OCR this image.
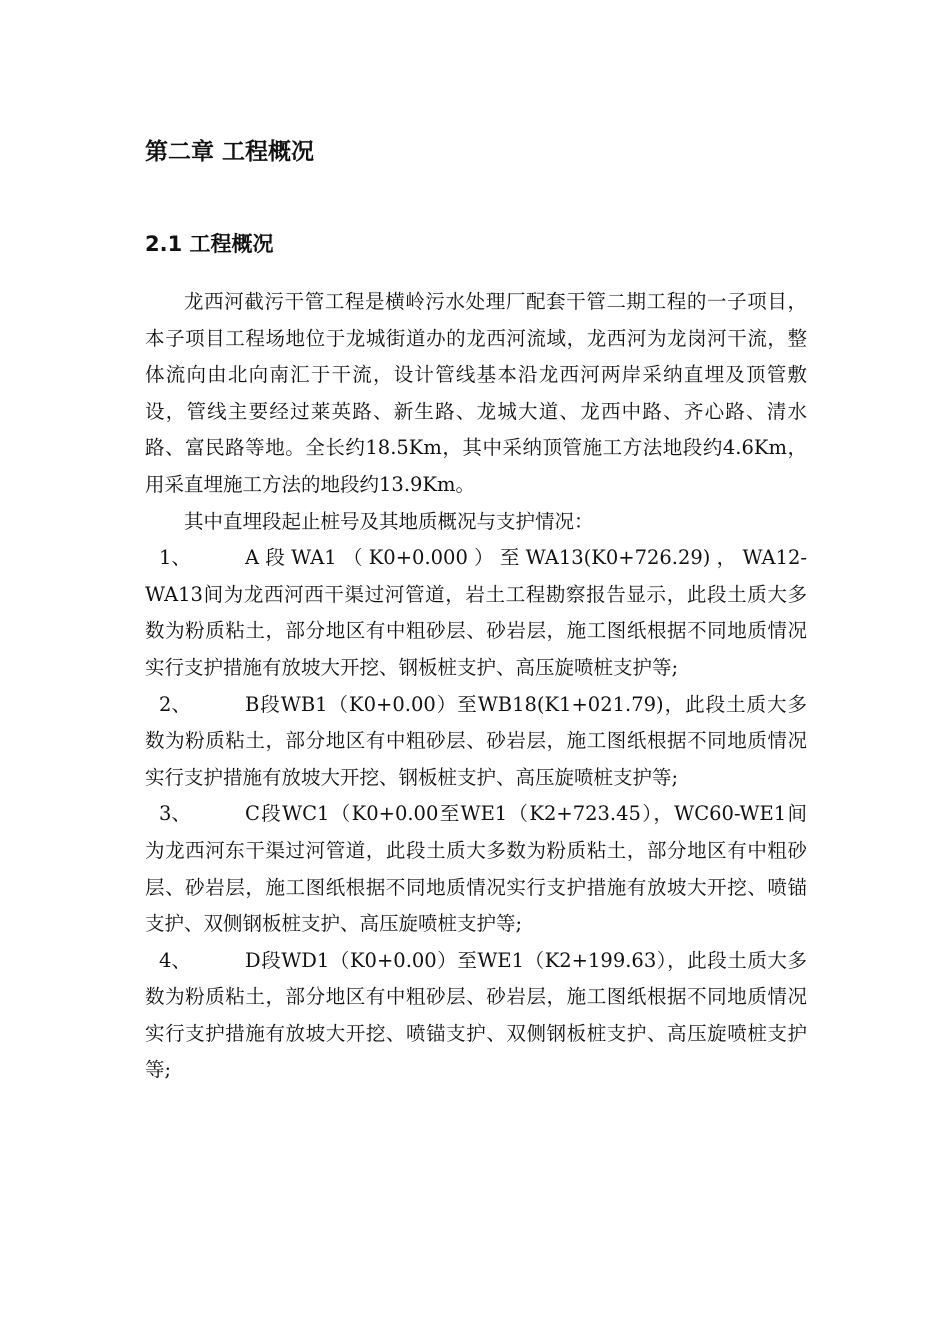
第二章 工程概况
2.1 工程概况

龙西河截污干管工程是横岭污水处理厂配套干管二期工程的一子项目，本子项目工程场地位于龙城街道办的龙西河流域，龙西河为龙岗河干流，整体流向由北向南汇于干流，设计管线基本沿龙西河两岸采纳直埋及顶管敷设，管线主要经过莱英路、新生路、龙城大道、龙西中路、齐心路、清水路、富民路等地。全长约18.5Km，其中采纳顶管施工方法地段约4.6Km，用采直埋施工方法的地段约13.9Km。

其中直埋段起止桩号及其地质概况与支护情况：

1、	A段WA1（K0+0.000）至WA13(K0+726.29)，WA12-WA13间为龙西河西干渠过河管道，岩土工程勘察报告显示，此段土质大多数为粉质粘土，部分地区有中粗砂层、砂岩层，施工图纸根据不同地质情况实行支护措施有放坡大开挖、钢板桩支护、高压旋喷桩支护等;

2、	B段WB1（K0+0.00）至WB18(K1+021.79)，此段土质大多数为粉质粘土，部分地区有中粗砂层、砂岩层，施工图纸根据不同地质情况实行支护措施有放坡大开挖、钢板桩支护、高压旋喷桩支护等;

3、	C段WC1（K0+0.00至WE1（K2+723.45），WC60-WE1间为龙西河东干渠过河管道，此段土质大多数为粉质粘土，部分地区有中粗砂层、砂岩层，施工图纸根据不同地质情况实行支护措施有放坡大开挖、喷锚支护、双侧钢板桩支护、高压旋喷桩支护等;

4、	D段WD1（K0+0.00）至WE1（K2+199.63），此段土质大多数为粉质粘土，部分地区有中粗砂层、砂岩层，施工图纸根据不同地质情况实行支护措施有放坡大开挖、喷锚支护、双侧钢板桩支护、高压旋喷桩支护等;
